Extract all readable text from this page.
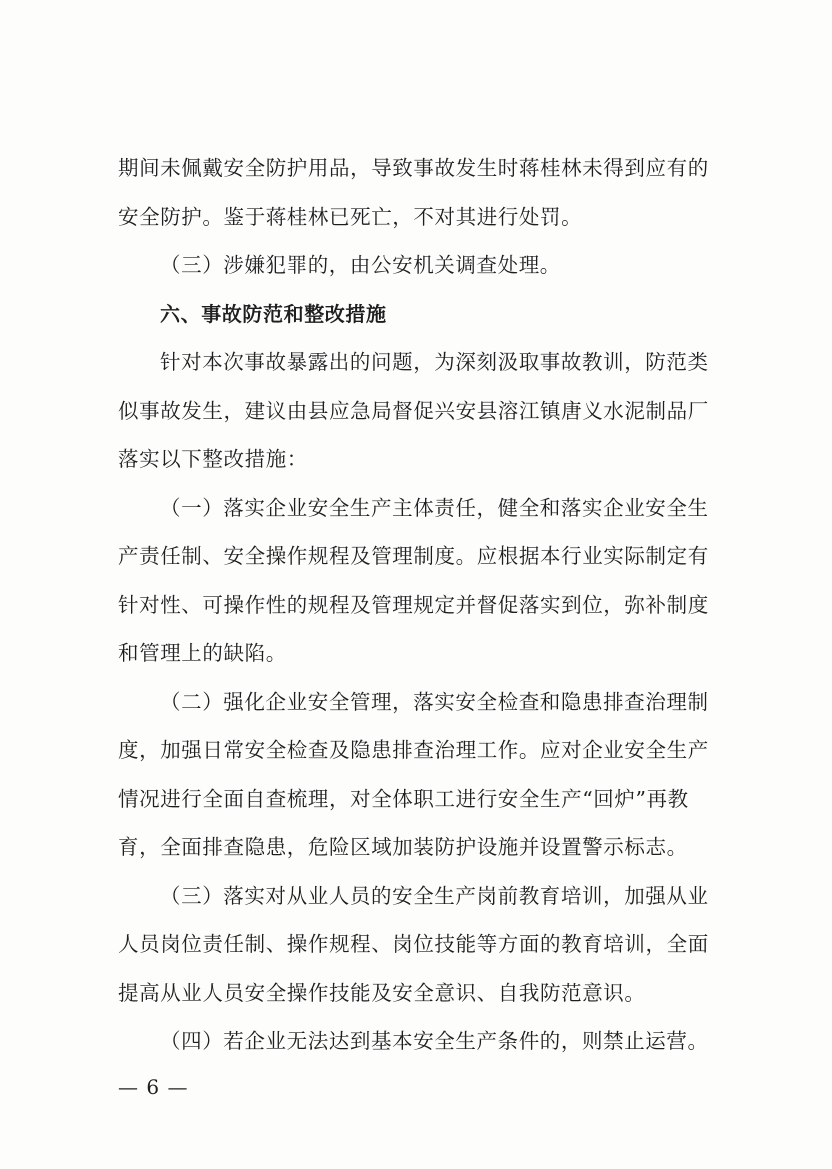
期间未佩戴安全防护用品，导致事故发生时蒋桂林未得到应有的
安全防护。鉴于蒋桂林已死亡，不对其进行处罚。
（三）涉嫌犯罪的，由公安机关调查处理。
六、事故防范和整改措施
针对本次事故暴露出的问题，为深刻汲取事故教训，防范类
似事故发生，建议由县应急局督促兴安县溶江镇唐义水泥制品厂
落实以下整改措施：
（一）落实企业安全生产主体责任，健全和落实企业安全生
产责任制、安全操作规程及管理制度。应根据本行业实际制定有
针对性、可操作性的规程及管理规定并督促落实到位，弥补制度
和管理上的缺陷。
（二）强化企业安全管理，落实安全检查和隐患排查治理制
度，加强日常安全检查及隐患排查治理工作。应对企业安全生产
情况进行全面自查梳理，对全体职工进行安全生产“回炉”再教
育，全面排查隐患，危险区域加装防护设施并设置警示标志。
（三）落实对从业人员的安全生产岗前教育培训，加强从业
人员岗位责任制、操作规程、岗位技能等方面的教育培训，全面
提高从业人员安全操作技能及安全意识、自我防范意识。
（四）若企业无法达到基本安全生产条件的，则禁止运营。
— 6 —
